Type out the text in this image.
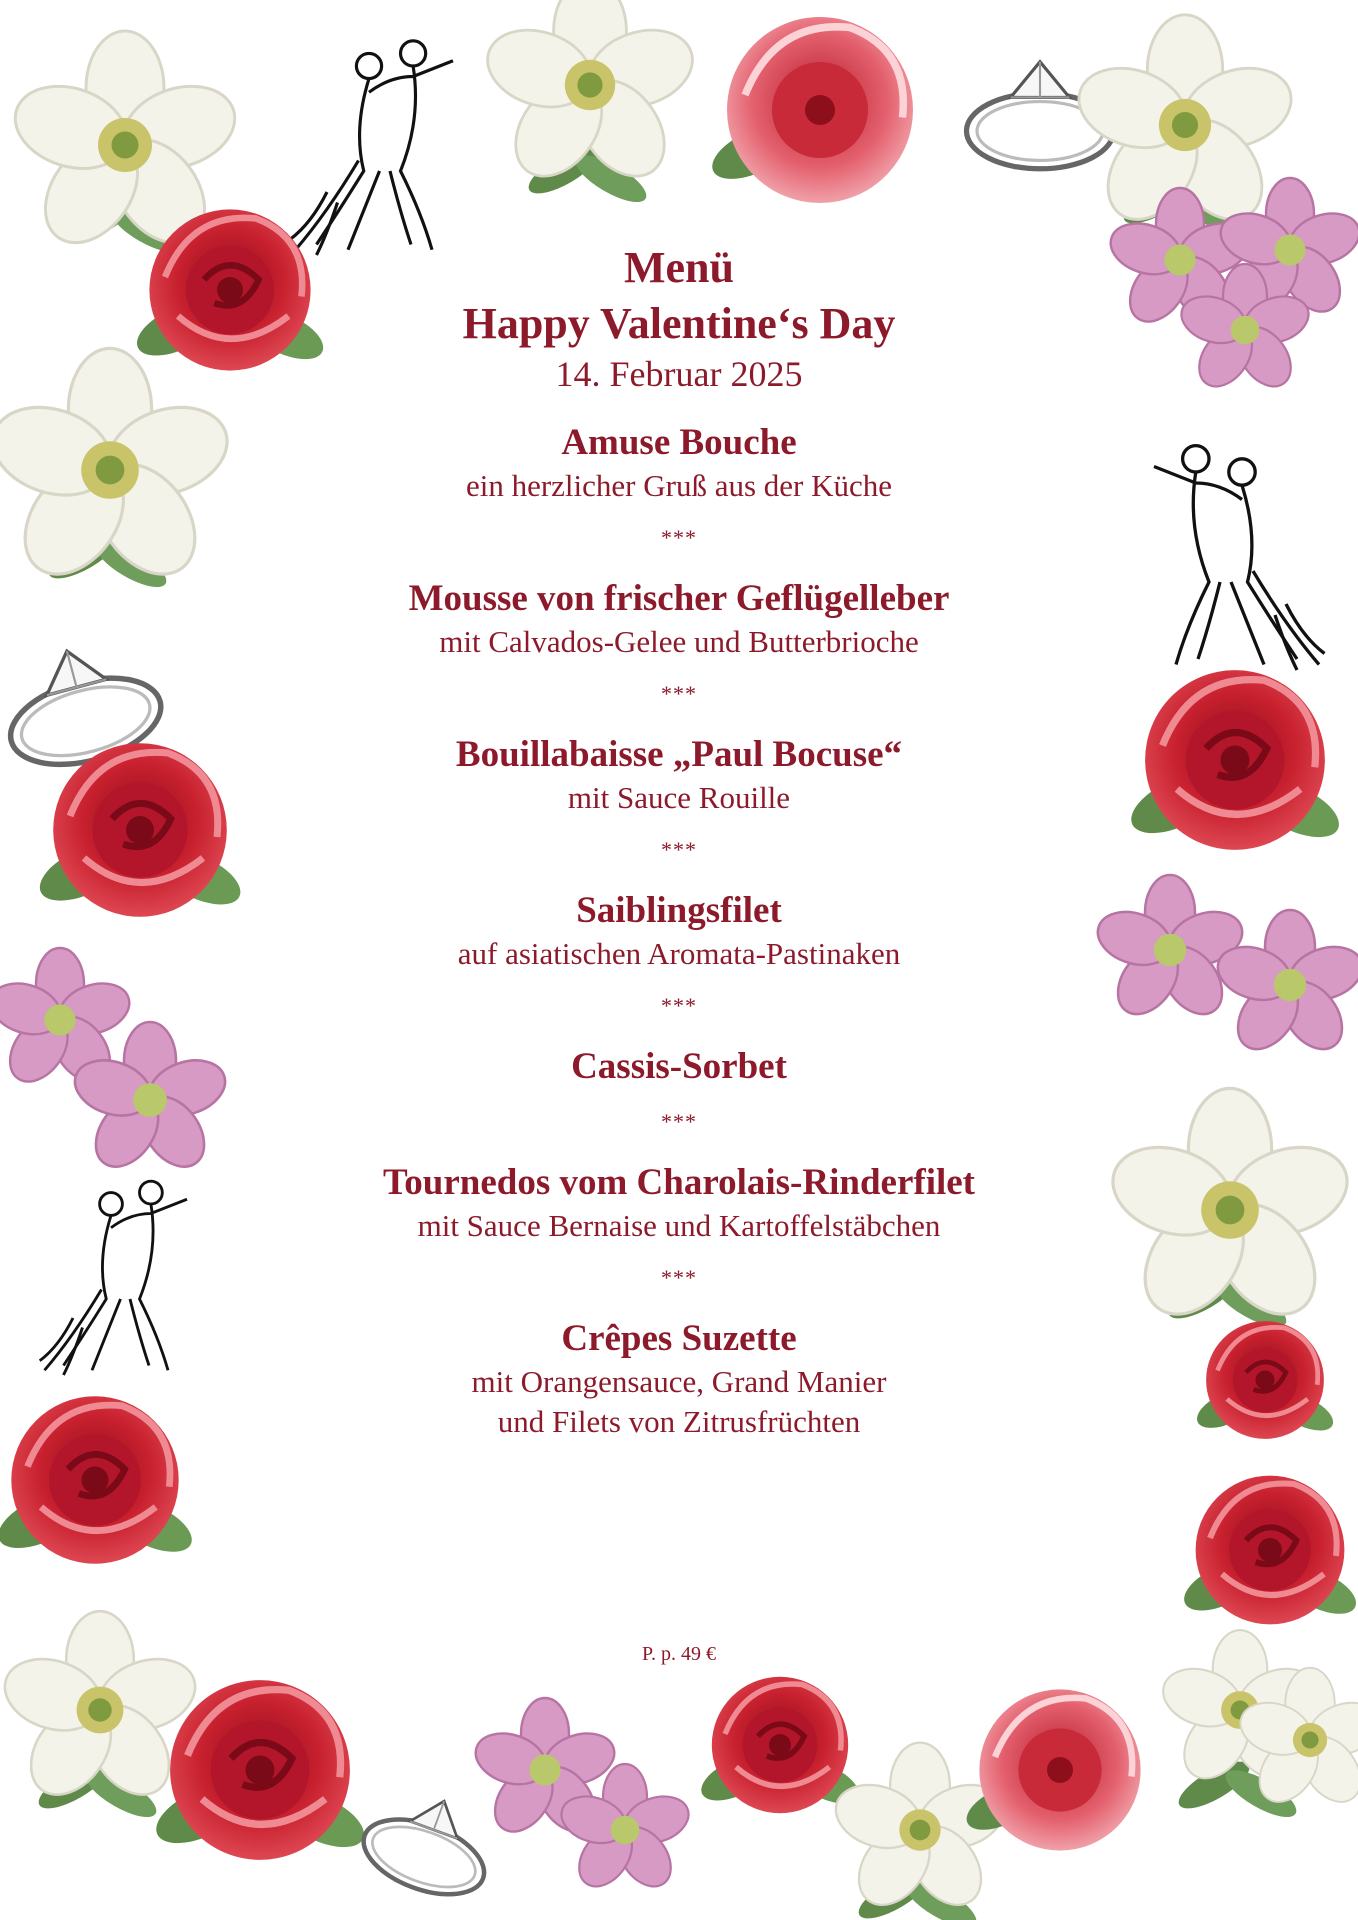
Menü

Happy Valentine‘s Day

14. Februar 2025

Amuse Bouche
ein herzlicher Gruß aus der Küche
***
Mousse von frischer Geflügelleber
mit Calvados-Gelee und Butterbrioche
***
Bouillabaisse „Paul Bocuse“
mit Sauce Rouille
***
Saiblingsfilet
auf asiatischen Aromata-Pastinaken
***
Cassis-Sorbet
***
Tournedos vom Charolais-Rinderfilet
mit Sauce Bernaise und Kartoffelstäbchen
***
Crêpes Suzette
mit Orangensauce, Grand Manier
und Filets von Zitrusfrüchten
P. p. 49 €
